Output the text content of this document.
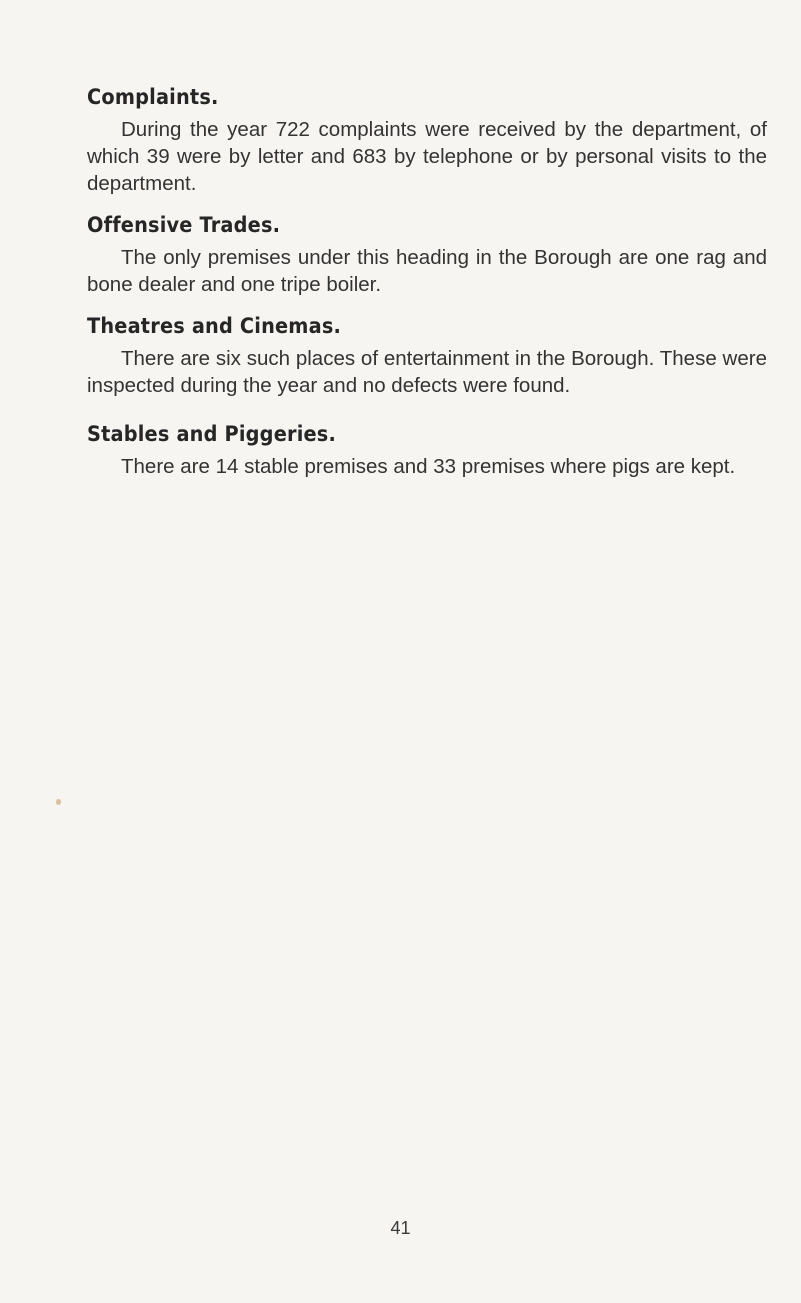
Complaints.

During the year 722 complaints were received by the department, of which 39 were by letter and 683 by telephone or by personal visits to the department.

Offensive Trades.

The only premises under this heading in the Borough are one rag and bone dealer and one tripe boiler.

Theatres and Cinemas.

There are six such places of entertainment in the Borough. These were inspected during the year and no defects were found.

Stables and Piggeries.

There are 14 stable premises and 33 premises where pigs are kept.

41
